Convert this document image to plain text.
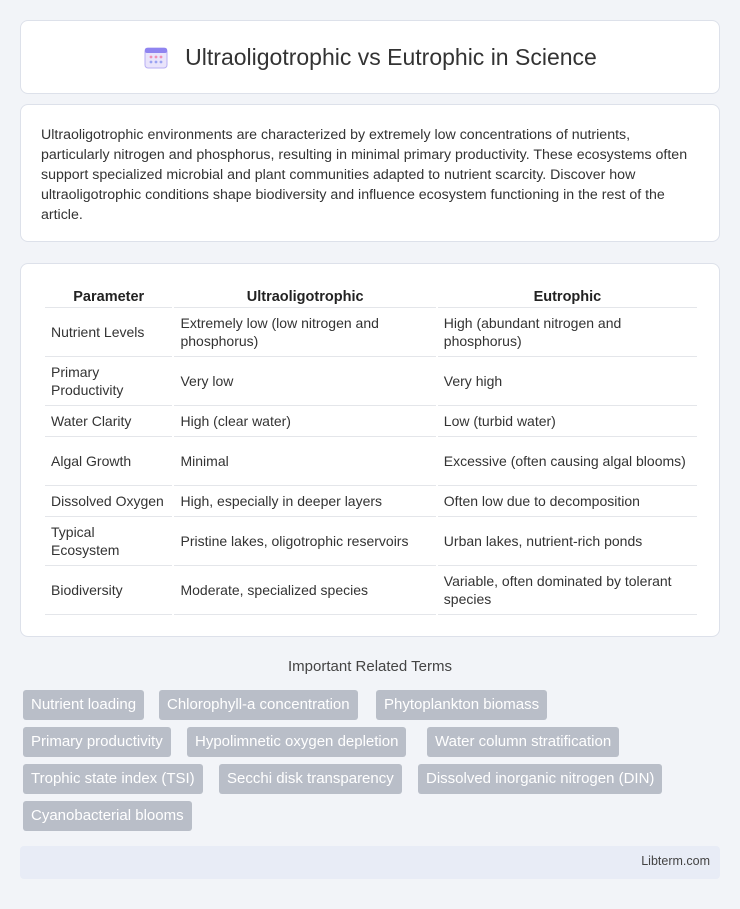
Ultraoligotrophic vs Eutrophic in Science

Ultraoligotrophic environments are characterized by extremely low concentrations of nutrients, particularly nitrogen and phosphorus, resulting in minimal primary productivity. These ecosystems often support specialized microbial and plant communities adapted to nutrient scarcity. Discover how ultraoligotrophic conditions shape biodiversity and influence ecosystem functioning in the rest of the article.

Parameter	Ultraoligotrophic	Eutrophic
Nutrient Levels	Extremely low (low nitrogen and phosphorus)	High (abundant nitrogen and phosphorus)
Primary Productivity	Very low	Very high
Water Clarity	High (clear water)	Low (turbid water)
Algal Growth	Minimal	Excessive (often causing algal blooms)
Dissolved Oxygen	High, especially in deeper layers	Often low due to decomposition
Typical Ecosystem	Pristine lakes, oligotrophic reservoirs	Urban lakes, nutrient-rich ponds
Biodiversity	Moderate, specialized species	Variable, often dominated by tolerant species
Important Related Terms
Nutrient loading	Chlorophyll-a concentration	Phytoplankton biomass
Primary productivity	Hypolimnetic oxygen depletion	Water column stratification
Trophic state index (TSI)	Secchi disk transparency	Dissolved inorganic nitrogen (DIN)
Cyanobacterial blooms
Libterm.com
